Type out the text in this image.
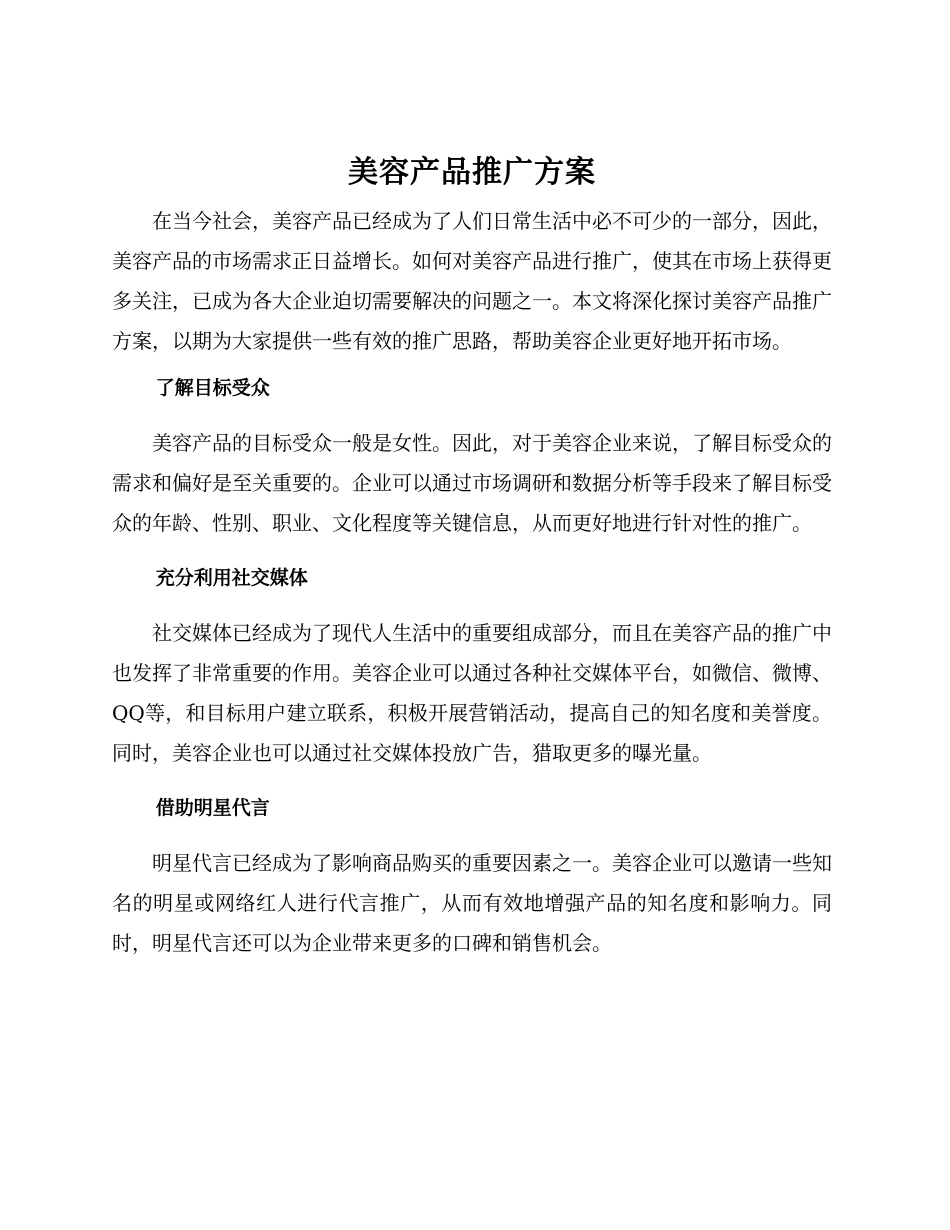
美容产品推广方案

在当今社会，美容产品已经成为了人们日常生活中必不可少的一部分，因此，美容产品的市场需求正日益增长。如何对美容产品进行推广，使其在市场上获得更多关注，已成为各大企业迫切需要解决的问题之一。本文将深化探讨美容产品推广方案，以期为大家提供一些有效的推广思路，帮助美容企业更好地开拓市场。

了解目标受众

美容产品的目标受众一般是女性。因此，对于美容企业来说，了解目标受众的需求和偏好是至关重要的。企业可以通过市场调研和数据分析等手段来了解目标受众的年龄、性别、职业、文化程度等关键信息，从而更好地进行针对性的推广。

充分利用社交媒体

社交媒体已经成为了现代人生活中的重要组成部分，而且在美容产品的推广中也发挥了非常重要的作用。美容企业可以通过各种社交媒体平台，如微信、微博、QQ等，和目标用户建立联系，积极开展营销活动，提高自己的知名度和美誉度。同时，美容企业也可以通过社交媒体投放广告，猎取更多的曝光量。

借助明星代言

明星代言已经成为了影响商品购买的重要因素之一。美容企业可以邀请一些知名的明星或网络红人进行代言推广，从而有效地增强产品的知名度和影响力。同时，明星代言还可以为企业带来更多的口碑和销售机会。
